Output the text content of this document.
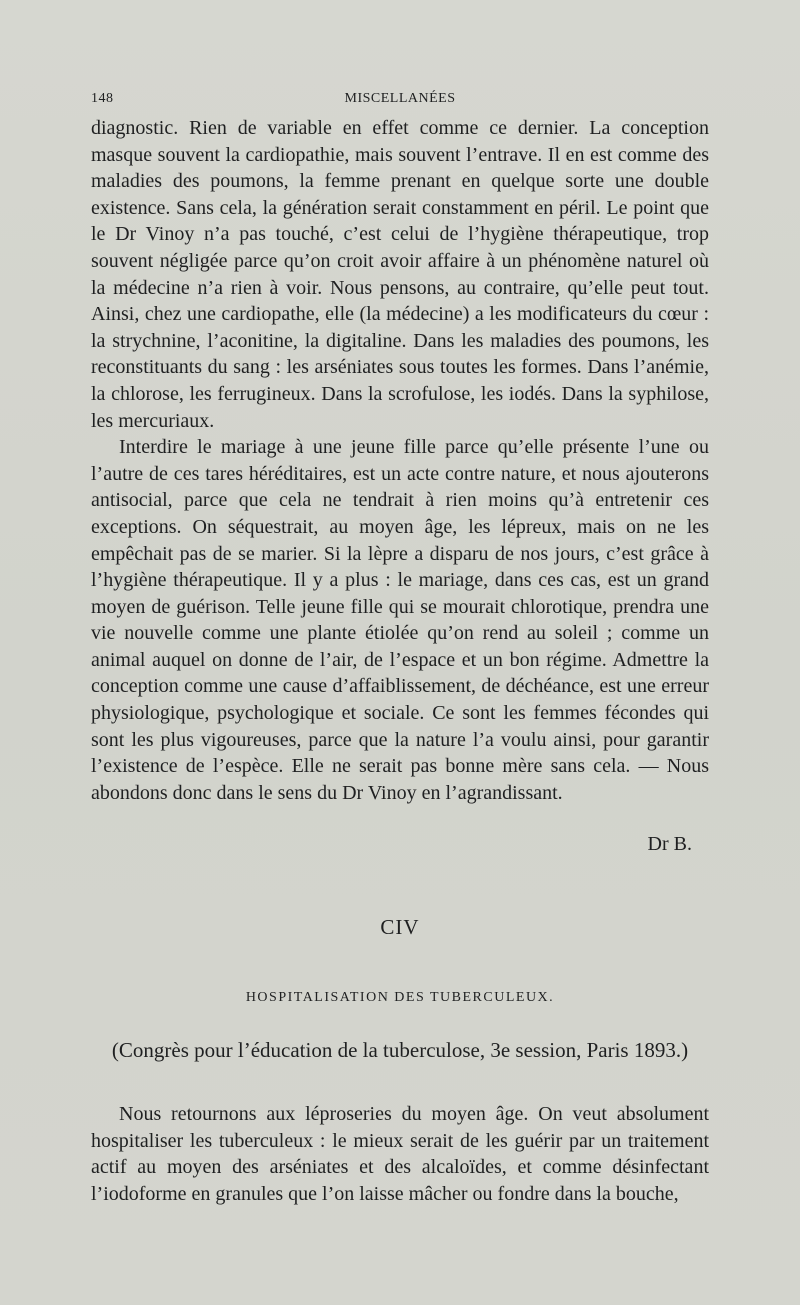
148	MISCELLANÉES

diagnostic. Rien de variable en effet comme ce dernier. La conception masque souvent la cardiopathie, mais souvent l’entrave. Il en est comme des maladies des poumons, la femme prenant en quelque sorte une double existence. Sans cela, la génération serait constamment en péril. Le point que le Dr Vinoy n’a pas touché, c’est celui de l’hygiène thérapeutique, trop souvent négligée parce qu’on croit avoir affaire à un phénomène naturel où la médecine n’a rien à voir. Nous pensons, au contraire, qu’elle peut tout. Ainsi, chez une cardiopathe, elle (la médecine) a les modificateurs du cœur : la strychnine, l’aconitine, la digitaline. Dans les maladies des poumons, les reconstituants du sang : les arséniates sous toutes les formes. Dans l’anémie, la chlorose, les ferrugineux. Dans la scrofulose, les iodés. Dans la syphilose, les mercuriaux.

Interdire le mariage à une jeune fille parce qu’elle présente l’une ou l’autre de ces tares héréditaires, est un acte contre nature, et nous ajouterons antisocial, parce que cela ne tendrait à rien moins qu’à entretenir ces exceptions. On séquestrait, au moyen âge, les lépreux, mais on ne les empêchait pas de se marier. Si la lèpre a disparu de nos jours, c’est grâce à l’hygiène thérapeutique. Il y a plus : le mariage, dans ces cas, est un grand moyen de guérison. Telle jeune fille qui se mourait chlorotique, prendra une vie nouvelle comme une plante étiolée qu’on rend au soleil ; comme un animal auquel on donne de l’air, de l’espace et un bon régime. Admettre la conception comme une cause d’affaiblissement, de déchéance, est une erreur physiologique, psychologique et sociale. Ce sont les femmes fécondes qui sont les plus vigoureuses, parce que la nature l’a voulu ainsi, pour garantir l’existence de l’espèce. Elle ne serait pas bonne mère sans cela. — Nous abondons donc dans le sens du Dr Vinoy en l’agrandissant.

Dr B.
CIV
HOSPITALISATION DES TUBERCULEUX.
(Congrès pour l’éducation de la tuberculose, 3e session, Paris 1893.)

Nous retournons aux léproseries du moyen âge. On veut absolument hospitaliser les tuberculeux : le mieux serait de les guérir par un traitement actif au moyen des arséniates et des alcaloïdes, et comme désinfectant l’iodoforme en granules que l’on laisse mâcher ou fondre dans la bouche,
